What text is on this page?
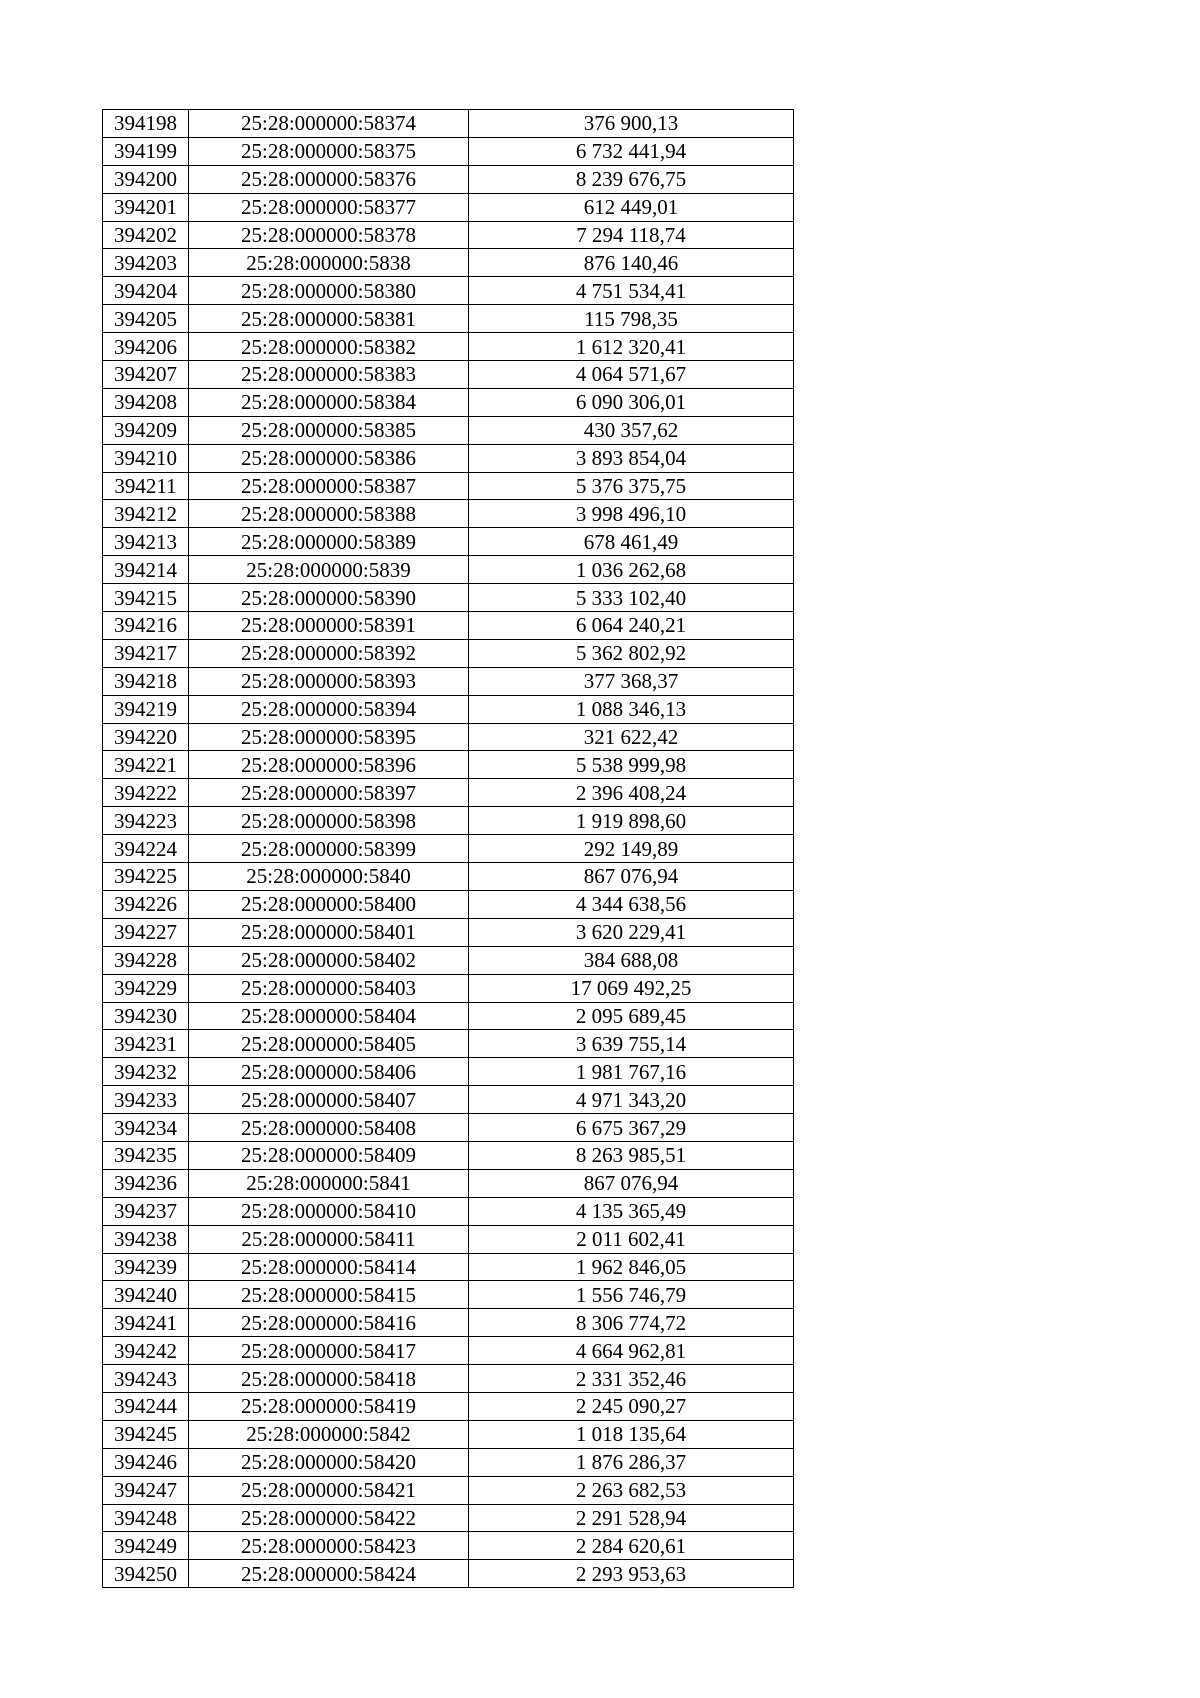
394198	25:28:000000:58374	376 900,13
394199	25:28:000000:58375	6 732 441,94
394200	25:28:000000:58376	8 239 676,75
394201	25:28:000000:58377	612 449,01
394202	25:28:000000:58378	7 294 118,74
394203	25:28:000000:5838	876 140,46
394204	25:28:000000:58380	4 751 534,41
394205	25:28:000000:58381	115 798,35
394206	25:28:000000:58382	1 612 320,41
394207	25:28:000000:58383	4 064 571,67
394208	25:28:000000:58384	6 090 306,01
394209	25:28:000000:58385	430 357,62
394210	25:28:000000:58386	3 893 854,04
394211	25:28:000000:58387	5 376 375,75
394212	25:28:000000:58388	3 998 496,10
394213	25:28:000000:58389	678 461,49
394214	25:28:000000:5839	1 036 262,68
394215	25:28:000000:58390	5 333 102,40
394216	25:28:000000:58391	6 064 240,21
394217	25:28:000000:58392	5 362 802,92
394218	25:28:000000:58393	377 368,37
394219	25:28:000000:58394	1 088 346,13
394220	25:28:000000:58395	321 622,42
394221	25:28:000000:58396	5 538 999,98
394222	25:28:000000:58397	2 396 408,24
394223	25:28:000000:58398	1 919 898,60
394224	25:28:000000:58399	292 149,89
394225	25:28:000000:5840	867 076,94
394226	25:28:000000:58400	4 344 638,56
394227	25:28:000000:58401	3 620 229,41
394228	25:28:000000:58402	384 688,08
394229	25:28:000000:58403	17 069 492,25
394230	25:28:000000:58404	2 095 689,45
394231	25:28:000000:58405	3 639 755,14
394232	25:28:000000:58406	1 981 767,16
394233	25:28:000000:58407	4 971 343,20
394234	25:28:000000:58408	6 675 367,29
394235	25:28:000000:58409	8 263 985,51
394236	25:28:000000:5841	867 076,94
394237	25:28:000000:58410	4 135 365,49
394238	25:28:000000:58411	2 011 602,41
394239	25:28:000000:58414	1 962 846,05
394240	25:28:000000:58415	1 556 746,79
394241	25:28:000000:58416	8 306 774,72
394242	25:28:000000:58417	4 664 962,81
394243	25:28:000000:58418	2 331 352,46
394244	25:28:000000:58419	2 245 090,27
394245	25:28:000000:5842	1 018 135,64
394246	25:28:000000:58420	1 876 286,37
394247	25:28:000000:58421	2 263 682,53
394248	25:28:000000:58422	2 291 528,94
394249	25:28:000000:58423	2 284 620,61
394250	25:28:000000:58424	2 293 953,63
